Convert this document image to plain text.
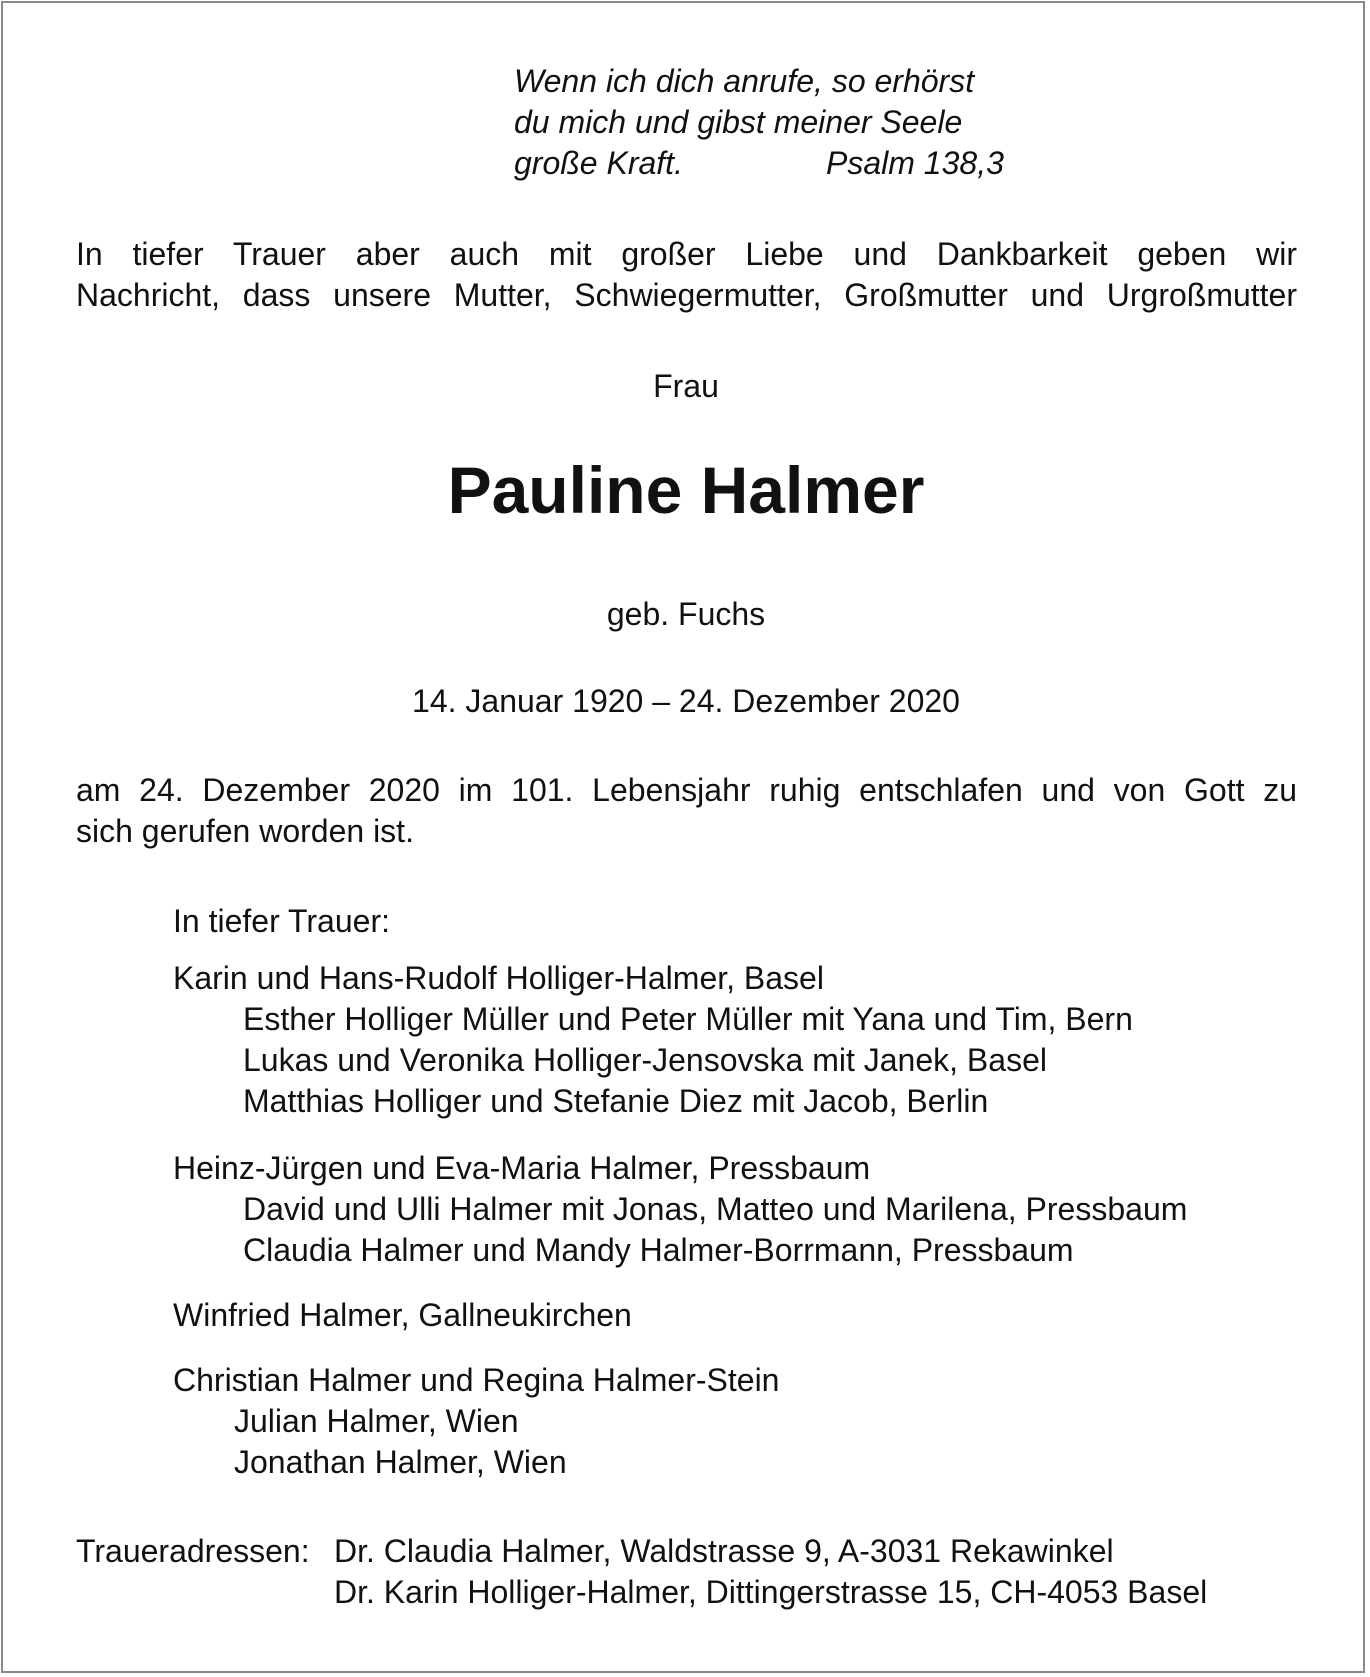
Wenn ich dich anrufe, so erhörst

du mich und gibst meiner Seele

große Kraft.	Psalm 138,3

In tiefer Trauer aber auch mit großer Liebe und Dankbarkeit geben wir

Nachricht, dass unsere Mutter, Schwiegermutter, Großmutter und Urgroßmutter

Frau

Pauline Halmer

geb. Fuchs

14. Januar 1920 – 24. Dezember 2020

am 24. Dezember 2020 im 101. Lebensjahr ruhig entschlafen und von Gott zu

sich gerufen worden ist.

In tiefer Trauer:

Karin und Hans-Rudolf Holliger-Halmer, Basel

Esther Holliger Müller und Peter Müller mit Yana und Tim, Bern

Lukas und Veronika Holliger-Jensovska mit Janek, Basel

Matthias Holliger und Stefanie Diez mit Jacob, Berlin

Heinz-Jürgen und Eva-Maria Halmer, Pressbaum

David und Ulli Halmer mit Jonas, Matteo und Marilena, Pressbaum

Claudia Halmer und Mandy Halmer-Borrmann, Pressbaum

Winfried Halmer, Gallneukirchen

Christian Halmer und Regina Halmer-Stein

Julian Halmer, Wien

Jonathan Halmer, Wien

Traueradressen: Dr. Claudia Halmer, Waldstrasse 9, A-3031 Rekawinkel

Dr. Karin Holliger-Halmer, Dittingerstrasse 15, CH-4053 Basel
